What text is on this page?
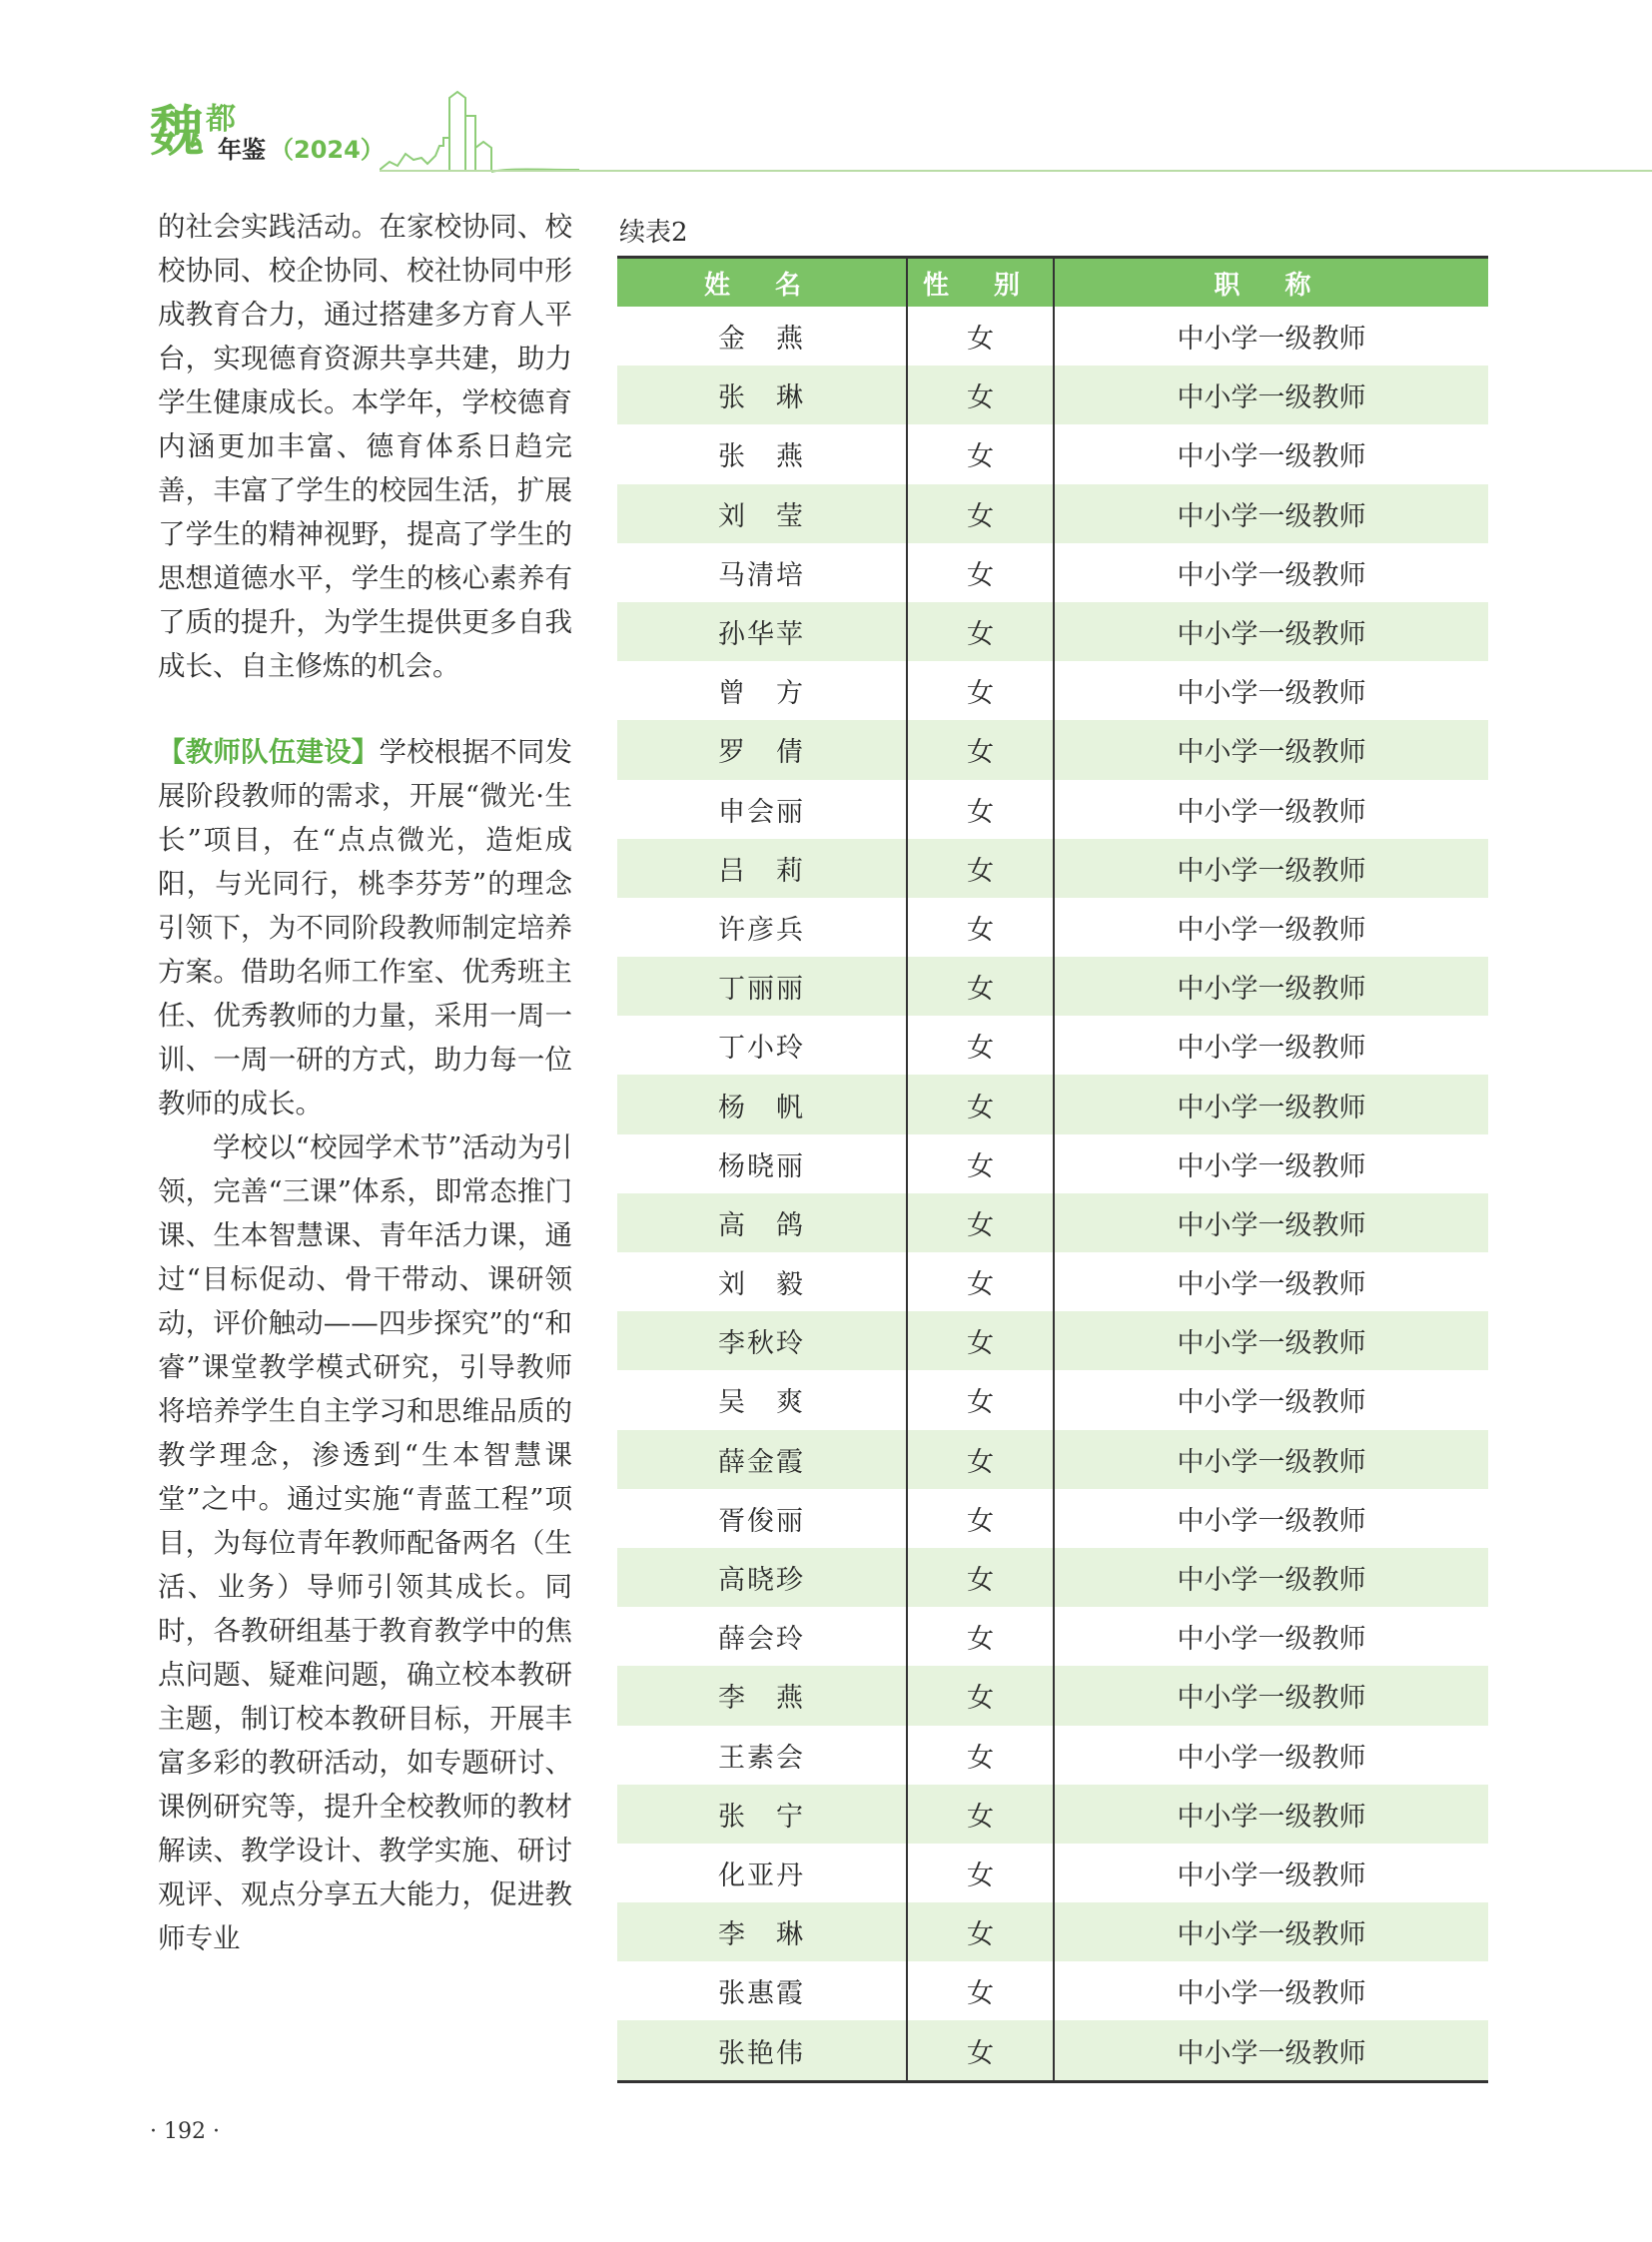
魏 都
年鉴 （2024）

的社会实践活动。在家校协同、校校协同、校企协同、校社协同中形成教育合力，通过搭建多方育人平台，实现德育资源共享共建，助力学生健康成长。本学年，学校德育内涵更加丰富、德育体系日趋完善，丰富了学生的校园生活，扩展了学生的精神视野，提高了学生的思想道德水平，学生的核心素养有了质的提升，为学生提供更多自我成长、自主修炼的机会。

【教师队伍建设】学校根据不同发展阶段教师的需求，开展“微光·生长”项目，在“点点微光，造炬成阳，与光同行，桃李芬芳”的理念引领下，为不同阶段教师制定培养方案。借助名师工作室、优秀班主任、优秀教师的力量，采用一周一训、一周一研的方式，助力每一位教师的成长。

学校以“校园学术节”活动为引领，完善“三课”体系，即常态推门课、生本智慧课、青年活力课，通过“目标促动、骨干带动、课研领动，评价触动——四步探究”的“和睿”课堂教学模式研究，引导教师将培养学生自主学习和思维品质的教学理念，渗透到“生本智慧课堂”之中。通过实施“青蓝工程”项目，为每位青年教师配备两名（生活、业务）导师引领其成长。同时，各教研组基于教育教学中的焦点问题、疑难问题，确立校本教研主题，制订校本教研目标，开展丰富多彩的教研活动，如专题研讨、课例研究等，提升全校教师的教材解读、教学设计、教学实施、研讨观评、观点分享五大能力，促进教师专业

续表2
姓 名	性 别	职 称
金　燕	女	中小学一级教师
张　琳	女	中小学一级教师
张　燕	女	中小学一级教师
刘　莹	女	中小学一级教师
马清培	女	中小学一级教师
孙华苹	女	中小学一级教师
曾　方	女	中小学一级教师
罗　倩	女	中小学一级教师
申会丽	女	中小学一级教师
吕　莉	女	中小学一级教师
许彦兵	女	中小学一级教师
丁丽丽	女	中小学一级教师
丁小玲	女	中小学一级教师
杨　帆	女	中小学一级教师
杨晓丽	女	中小学一级教师
高　鸽	女	中小学一级教师
刘　毅	女	中小学一级教师
李秋玲	女	中小学一级教师
吴　爽	女	中小学一级教师
薛金霞	女	中小学一级教师
胥俊丽	女	中小学一级教师
高晓珍	女	中小学一级教师
薛会玲	女	中小学一级教师
李　燕	女	中小学一级教师
王素会	女	中小学一级教师
张　宁	女	中小学一级教师
化亚丹	女	中小学一级教师
李　琳	女	中小学一级教师
张惠霞	女	中小学一级教师
张艳伟	女	中小学一级教师
· 192 ·
